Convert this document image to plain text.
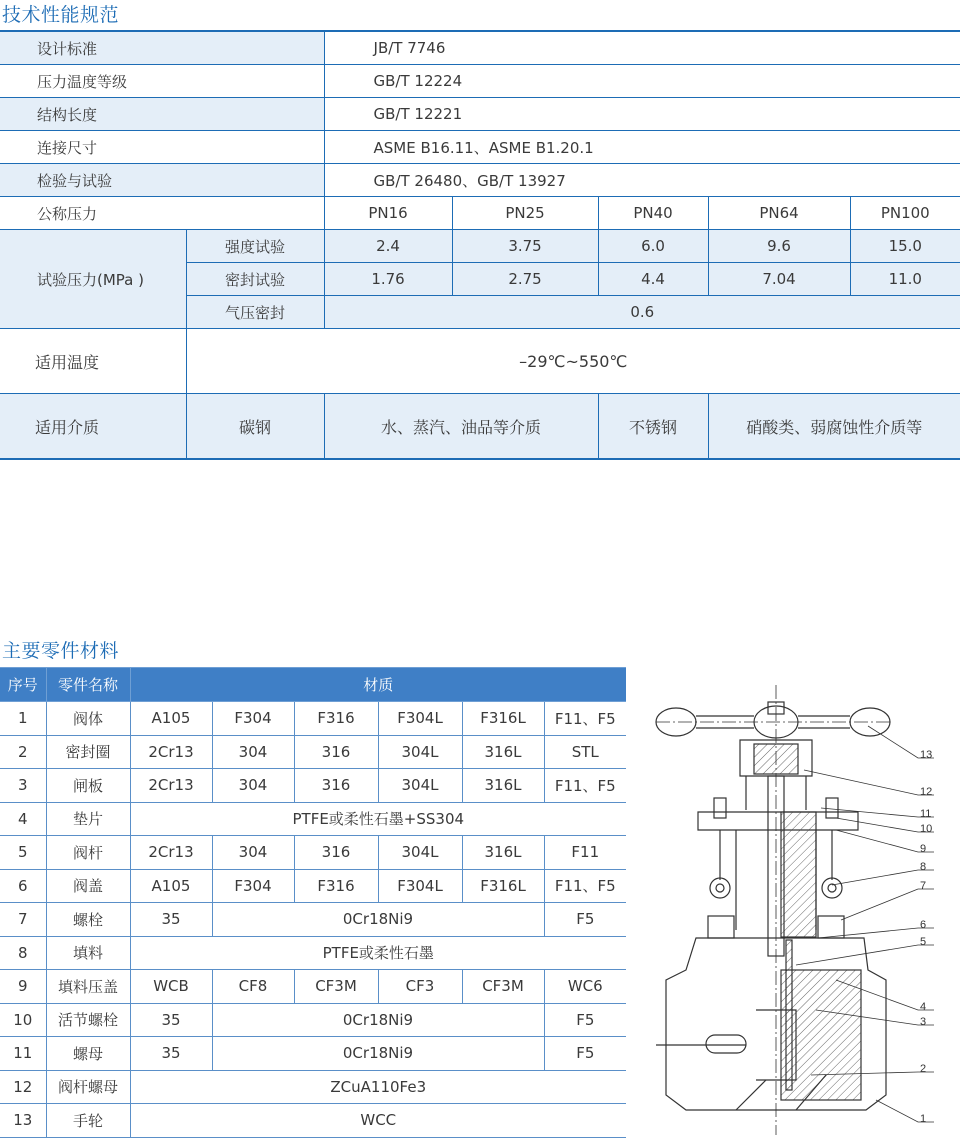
技术性能规范
设计标准		JB/T 7746				
压力温度等级		GB/T 12224				
结构长度		GB/T 12221				
连接尺寸		ASME B16.11、ASME B1.20.1				
检验与试验		GB/T 26480、GB/T 13927				
公称压力		PN16	PN25	PN40	PN64	PN100
试验压力(MPa )	强度试验	2.4	3.75	6.0	9.6	15.0
	密封试验	1.76	2.75	4.4	7.04	11.0
	气压密封	0.6				
适用温度	–29℃~550℃					
适用介质	碳钢	水、蒸汽、油品等介质		不锈钢	硝酸类、弱腐蚀性介质等	
主要零件材料
序号	零件名称	材质					
1	阀体	A105	F304	F316	F304L	F316L	F11、F5
2	密封圈	2Cr13	304	316	304L	316L	STL
3	闸板	2Cr13	304	316	304L	316L	F11、F5
4	垫片	PTFE或柔性石墨+SS304					
5	阀杆	2Cr13	304	316	304L	316L	F11
6	阀盖	A105	F304	F316	F304L	F316L	F11、F5
7	螺栓	35	0Cr18Ni9				F5
8	填料	PTFE或柔性石墨					
9	填料压盖	WCB	CF8	CF3M	CF3	CF3M	WC6
10	活节螺栓	35	0Cr18Ni9				F5
11	螺母	35	0Cr18Ni9				F5
12	阀杆螺母	ZCuA110Fe3					
13	手轮	WCC					
13
12
11
10
9
8
7
6
5
4
3
2
1
